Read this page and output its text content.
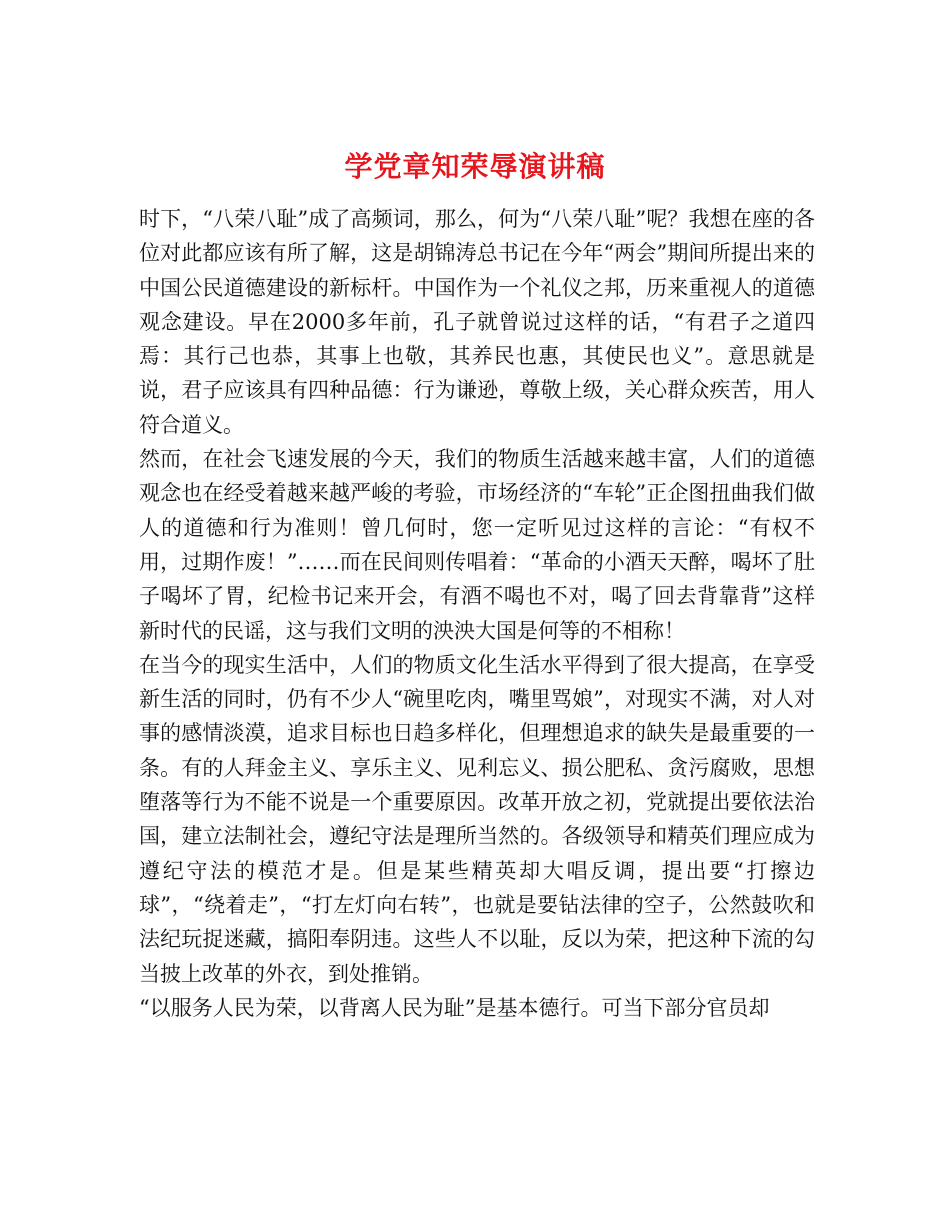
学党章知荣辱演讲稿

时下，“八荣八耻”成了高频词，那么，何为“八荣八耻”呢？我想在座的各位对此都应该有所了解，这是胡锦涛总书记在今年“两会”期间所提出来的中国公民道德建设的新标杆。中国作为一个礼仪之邦，历来重视人的道德观念建设。早在2000多年前，孔子就曾说过这样的话，“有君子之道四焉：其行己也恭，其事上也敬，其养民也惠，其使民也义”。意思就是说，君子应该具有四种品德：行为谦逊，尊敬上级，关心群众疾苦，用人符合道义。

然而，在社会飞速发展的今天，我们的物质生活越来越丰富，人们的道德观念也在经受着越来越严峻的考验，市场经济的“车轮”正企图扭曲我们做人的道德和行为准则！曾几何时，您一定听见过这样的言论：“有权不用，过期作废！”……而在民间则传唱着：“革命的小酒天天醉，喝坏了肚子喝坏了胃，纪检书记来开会，有酒不喝也不对，喝了回去背靠背”这样新时代的民谣，这与我们文明的泱泱大国是何等的不相称！

在当今的现实生活中，人们的物质文化生活水平得到了很大提高，在享受新生活的同时，仍有不少人“碗里吃肉，嘴里骂娘”，对现实不满，对人对事的感情淡漠，追求目标也日趋多样化，但理想追求的缺失是最重要的一条。有的人拜金主义、享乐主义、见利忘义、损公肥私、贪污腐败，思想堕落等行为不能不说是一个重要原因。改革开放之初，党就提出要依法治国，建立法制社会，遵纪守法是理所当然的。各级领导和精英们理应成为遵纪守法的模范才是。但是某些精英却大唱反调，提出要“打擦边球”，“绕着走”，“打左灯向右转”，也就是要钻法律的空子，公然鼓吹和法纪玩捉迷藏，搞阳奉阴违。这些人不以耻，反以为荣，把这种下流的勾当披上改革的外衣，到处推销。

“以服务人民为荣，以背离人民为耻”是基本德行。可当下部分官员却
